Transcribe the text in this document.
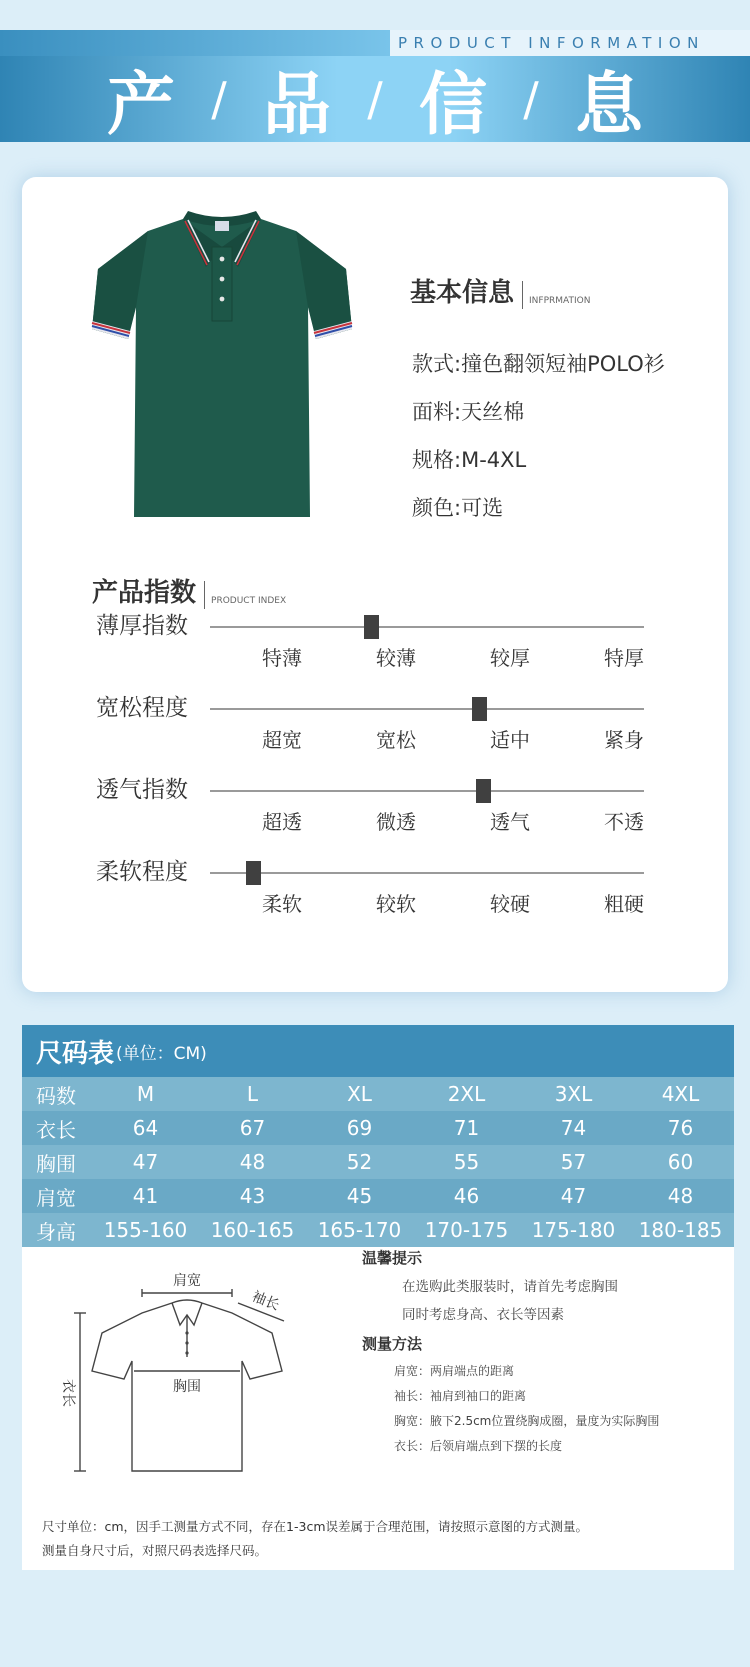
PRODUCT INFORMATION
产 / 品 / 信 / 息
基本信息 INFPRMATION
款式:撞色翻领短袖POLO衫
面料:天丝棉
规格:M-4XL
颜色:可选
产品指数 PRODUCT INDEX
薄厚指数
特薄	较薄	较厚	特厚
宽松程度
超宽	宽松	适中	紧身
透气指数
超透	微透	透气	不透
柔软程度
柔软	较软	较硬	粗硬
尺码表 (单位：CM)
码数	M	L	XL	2XL	3XL	4XL
衣长	64	67	69	71	74	76
胸围	47	48	52	55	57	60
肩宽	41	43	45	46	47	48
身高	155-160	160-165	165-170	170-175	175-180	180-185
肩宽
胸围
袖长
衣长
温馨提示
在选购此类服装时，请首先考虑胸围
同时考虑身高、衣长等因素
测量方法
肩宽：两肩端点的距离
袖长：袖肩到袖口的距离
胸宽：腋下2.5cm位置绕胸成圈，量度为实际胸围
衣长：后领肩端点到下摆的长度
尺寸单位：cm，因手工测量方式不同，存在1-3cm误差属于合理范围，请按照示意图的方式测量。
测量自身尺寸后，对照尺码表选择尺码。
